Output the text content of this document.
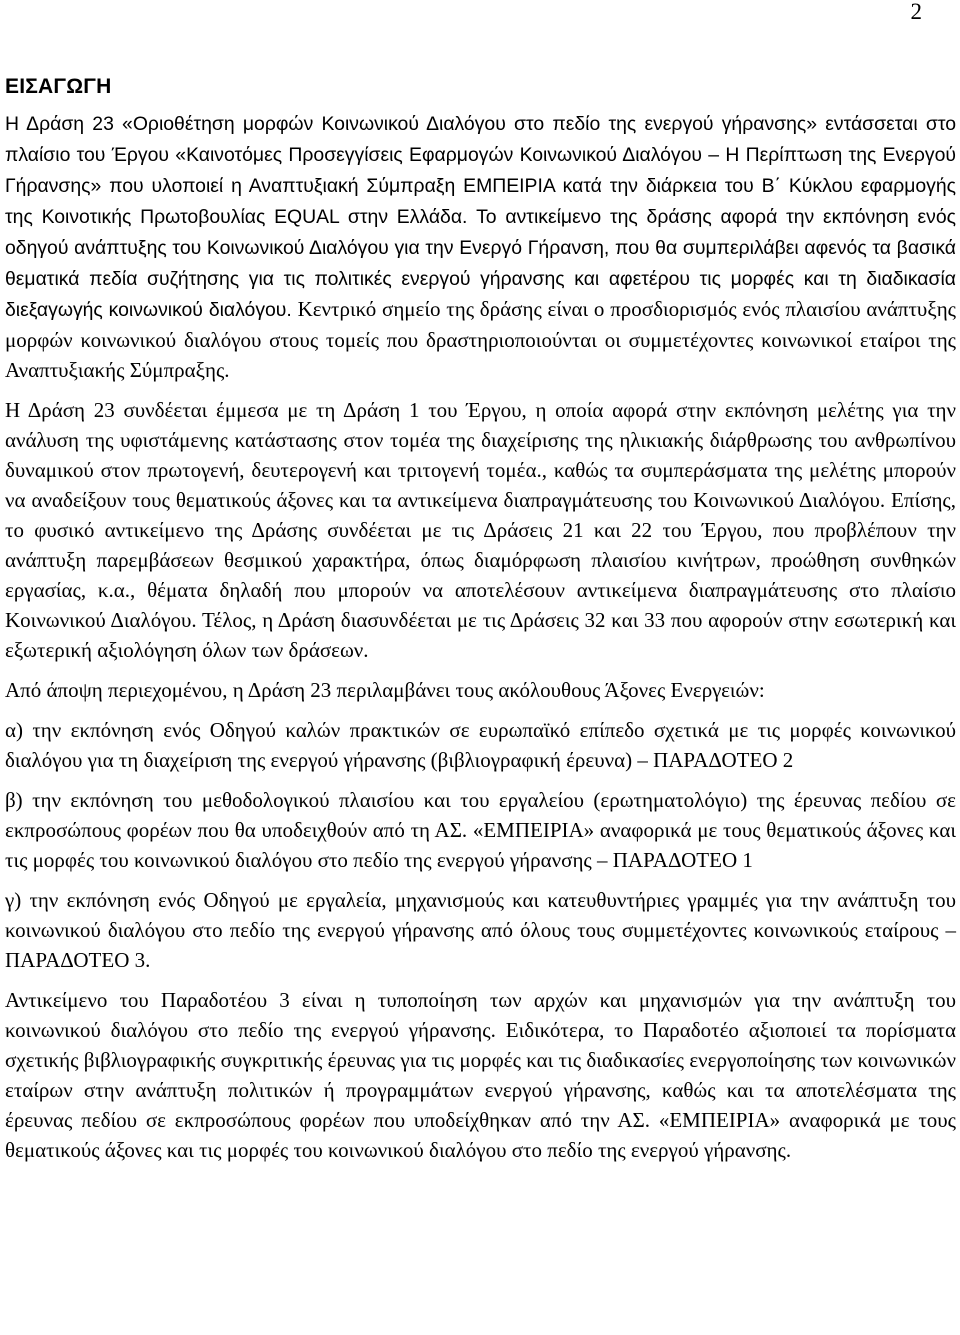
2
ΕΙΣΑΓΩΓΗ

Η Δράση 23 «Οριοθέτηση μορφών Κοινωνικού Διαλόγου στο πεδίο της ενεργού γήρανσης» εντάσσεται στο πλαίσιο του Έργου «Καινοτόμες Προσεγγίσεις Εφαρμογών Κοινωνικού Διαλόγου – Η Περίπτωση της Ενεργού Γήρανσης» που υλοποιεί η Αναπτυξιακή Σύμπραξη ΕΜΠΕΙΡΙΑ κατά την διάρκεια του Β΄ Κύκλου εφαρμογής της Κοινοτικής Πρωτοβουλίας EQUAL στην Ελλάδα. Το αντικείμενο της δράσης αφορά την εκπόνηση ενός οδηγού ανάπτυξης του Κοινωνικού Διαλόγου για την Ενεργό Γήρανση, που θα συμπεριλάβει αφενός τα βασικά θεματικά πεδία συζήτησης για τις πολιτικές ενεργού γήρανσης και αφετέρου τις μορφές και τη διαδικασία διεξαγωγής κοινωνικού διαλόγου. Κεντρικό σημείο της δράσης είναι ο προσδιορισμός ενός πλαισίου ανάπτυξης μορφών κοινωνικού διαλόγου στους τομείς που δραστηριοποιούνται οι συμμετέχοντες κοινωνικοί εταίροι της Αναπτυξιακής Σύμπραξης.

Η Δράση 23 συνδέεται έμμεσα με τη Δράση 1 του Έργου, η οποία αφορά στην εκπόνηση μελέτης για την ανάλυση της υφιστάμενης κατάστασης στον τομέα της διαχείρισης της ηλικιακής διάρθρωσης του ανθρωπίνου δυναμικού στον πρωτογενή, δευτερογενή και τριτογενή τομέα., καθώς τα συμπεράσματα της μελέτης μπορούν να αναδείξουν τους θεματικούς άξονες και τα αντικείμενα διαπραγμάτευσης του Κοινωνικού Διαλόγου. Επίσης, το φυσικό αντικείμενο της Δράσης συνδέεται με τις Δράσεις 21 και 22 του Έργου, που προβλέπουν την ανάπτυξη παρεμβάσεων θεσμικού χαρακτήρα, όπως διαμόρφωση πλαισίου κινήτρων, προώθηση συνθηκών εργασίας, κ.α., θέματα δηλαδή που μπορούν να αποτελέσουν αντικείμενα διαπραγμάτευσης στο πλαίσιο Κοινωνικού Διαλόγου. Τέλος, η Δράση διασυνδέεται με τις Δράσεις 32 και 33 που αφορούν στην εσωτερική και εξωτερική αξιολόγηση όλων των δράσεων.

Από άποψη περιεχομένου, η Δράση 23 περιλαμβάνει τους ακόλουθους Άξονες Ενεργειών:

α) την εκπόνηση ενός Οδηγού καλών πρακτικών σε ευρωπαϊκό επίπεδο σχετικά με τις μορφές κοινωνικού διαλόγου για τη διαχείριση της ενεργού γήρανσης (βιβλιογραφική έρευνα) – ΠΑΡΑΔΟΤΕΟ 2

β) την εκπόνηση του μεθοδολογικού πλαισίου και του εργαλείου (ερωτηματολόγιο) της έρευνας πεδίου σε εκπροσώπους φορέων που θα υποδειχθούν από τη ΑΣ. «ΕΜΠΕΙΡΙΑ» αναφορικά με τους θεματικούς άξονες και τις μορφές του κοινωνικού διαλόγου στο πεδίο της ενεργού γήρανσης – ΠΑΡΑΔΟΤΕΟ 1

γ) την εκπόνηση ενός Οδηγού με εργαλεία, μηχανισμούς και κατευθυντήριες γραμμές για την ανάπτυξη του κοινωνικού διαλόγου στο πεδίο της ενεργού γήρανσης από όλους τους συμμετέχοντες κοινωνικούς εταίρους – ΠΑΡΑΔΟΤΕΟ 3.

Αντικείμενο του Παραδοτέου 3 είναι η τυποποίηση των αρχών και μηχανισμών για την ανάπτυξη του κοινωνικού διαλόγου στο πεδίο της ενεργού γήρανσης. Ειδικότερα, το Παραδοτέο αξιοποιεί τα πορίσματα σχετικής βιβλιογραφικής συγκριτικής έρευνας για τις μορφές και τις διαδικασίες ενεργοποίησης των κοινωνικών εταίρων στην ανάπτυξη πολιτικών ή προγραμμάτων ενεργού γήρανσης, καθώς και τα αποτελέσματα της έρευνας πεδίου σε εκπροσώπους φορέων που υποδείχθηκαν από την ΑΣ. «ΕΜΠΕΙΡΙΑ» αναφορικά με τους θεματικούς άξονες και τις μορφές του κοινωνικού διαλόγου στο πεδίο της ενεργού γήρανσης.
